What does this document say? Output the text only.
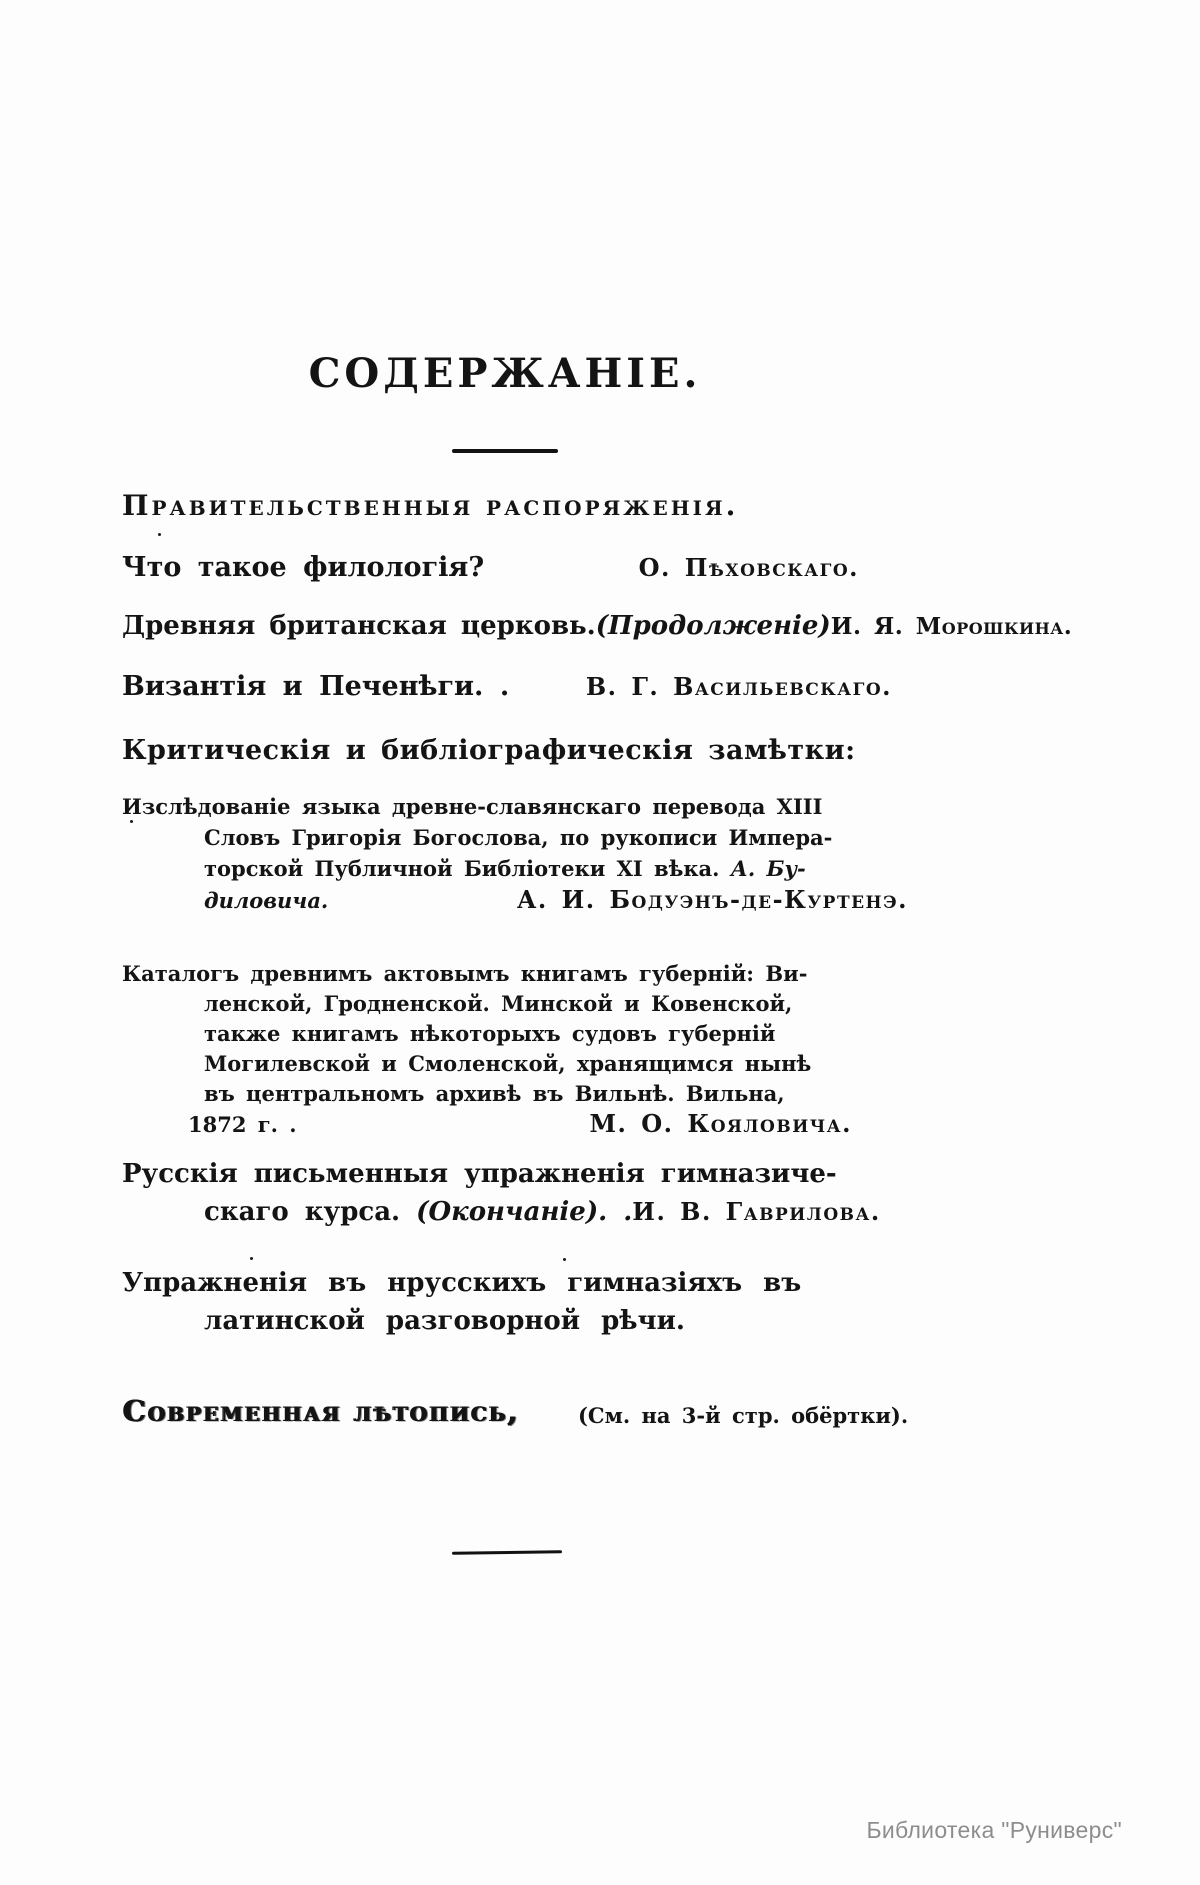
СОДЕРЖАНІЕ.
Правительственныя распоряженія.
Что такое филологія?	О. Пѣховскаго.
Древняя британская церковь. (Продолженіе) И. Я. Морошкина.
Византія и Печенѣги. .	В. Г. Васильевскаго.
Критическія и библіографическія замѣтки:
Изслѣдованіе языка древне-славянскаго перевода XIII
Словъ Григорія Богослова, по рукописи Импера-
торской Публичной Библіотеки XI вѣка. А. Бу-
диловича.	А. И. Бодуэнъ-де-Куртенэ.
Каталогъ древнимъ актовымъ книгамъ губерній: Ви-
ленской, Гродненской. Минской и Ковенской,
также книгамъ нѣкоторыхъ судовъ губерній
Могилевской и Смоленской, хранящимся нынѣ
въ центральномъ архивѣ въ Вильнѣ. Вильна,
1872 г. .	М. О. Кояловича.
Русскія письменныя упражненія гимназиче-
скаго курса. (Окончаніе). . И. В. Гаврилова.
Упражненія въ нрусскихъ гимназіяхъ въ
латинской разговорной рѣчи.
Современная лѣтопись,	(См. на 3-й стр. обёртки).
Библиотека "Руниверс"
